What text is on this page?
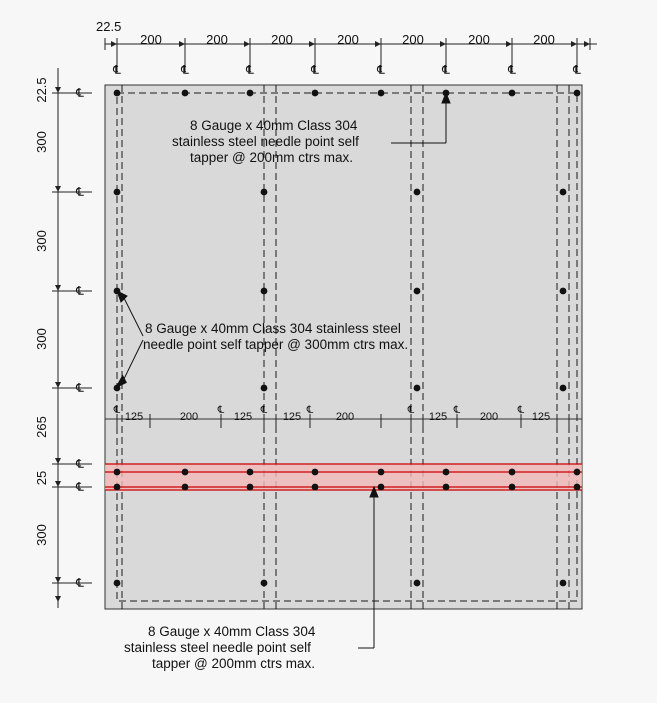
22.5
200	200	200	200	200	200	200
℄	℄	℄	℄	℄	℄	℄	℄
22.5
300
300
300
265
25
300
℄
℄
℄
℄
℄
℄
℄
125	200	125	125	200	125	200	125
℄	℄	℄	℄	℄	℄	℄
8 Gauge x 40mm Class 304
stainless steel needle point self
tapper @ 200mm ctrs max.
8 Gauge x 40mm Class 304 stainless steel
needle point self tapper @ 300mm ctrs max.
8 Gauge x 40mm Class 304
stainless steel needle point self
tapper @ 200mm ctrs max.
